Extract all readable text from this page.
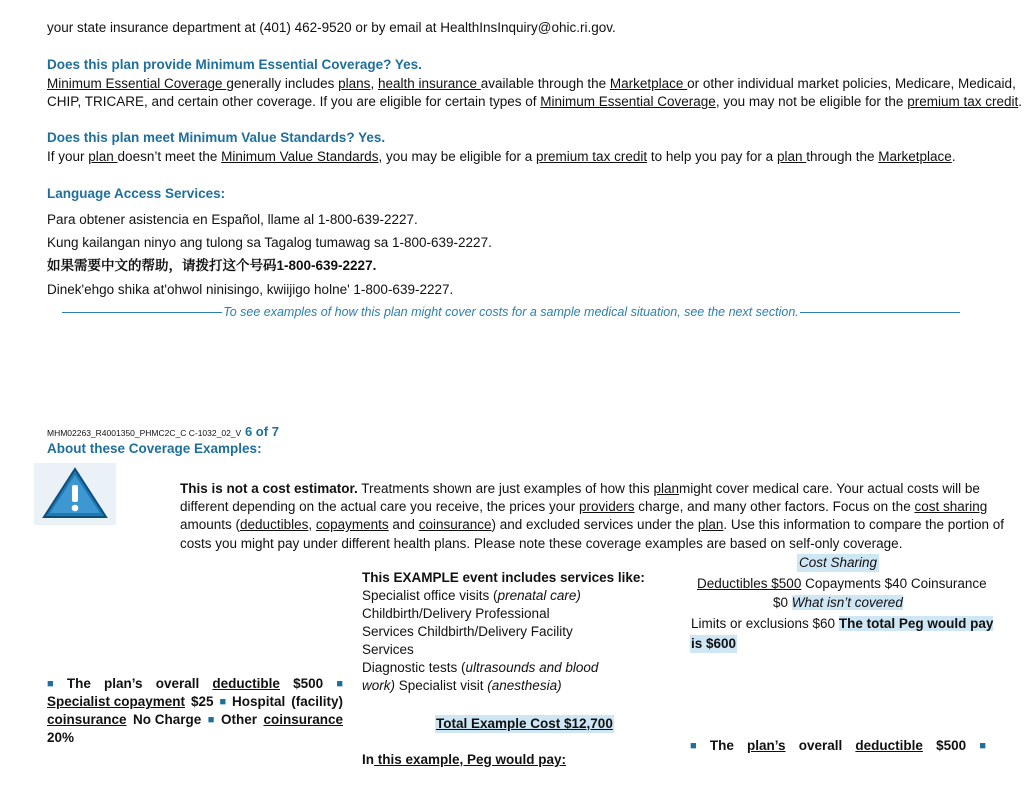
your state insurance department at (401) 462-9520 or by email at HealthInsInquiry@ohic.ri.gov.
Does this plan provide Minimum Essential Coverage? Yes.
Minimum Essential Coverage generally includes plans, health insurance available through the Marketplace or other individual market policies, Medicare, Medicaid,
CHIP, TRICARE, and certain other coverage. If you are eligible for certain types of Minimum Essential Coverage, you may not be eligible for the premium tax credit.
Does this plan meet Minimum Value Standards? Yes.
If your plan doesn’t meet the Minimum Value Standards, you may be eligible for a premium tax credit to help you pay for a plan through the Marketplace.
Language Access Services:
Para obtener asistencia en Español, llame al 1-800-639-2227.
Kung kailangan ninyo ang tulong sa Tagalog tumawag sa 1-800-639-2227.
如果需要中文的帮助，请拨打这个号码1-800-639-2227.
Dinek'ehgo shika at'ohwol ninisingo, kwiijigo holne' 1-800-639-2227.
To see examples of how this plan might cover costs for a sample medical situation, see the next section.
MHM02263_R4001350_PHMC2C_C C-1032_02_V 6 of 7
About these Coverage Examples:
This is not a cost estimator. Treatments shown are just examples of how this planmight cover medical care. Your actual costs will be
different depending on the actual care you receive, the prices your providers charge, and many other factors. Focus on the cost sharing
amounts (deductibles, copayments and coinsurance) and excluded services under the plan. Use this information to compare the portion of
costs you might pay under different health plans. Please note these coverage examples are based on self-only coverage.
■ The plan’s overall deductible $500 ■
Specialist copayment $25 ■ Hospital (facility)
coinsurance No Charge ■ Other coinsurance
20%
This EXAMPLE event includes services like:
Specialist office visits (prenatal care)
Childbirth/Delivery Professional
Services Childbirth/Delivery Facility
Services
Diagnostic tests (ultrasounds and blood
work) Specialist visit (anesthesia)
Total Example Cost $12,700
In this example, Peg would pay:
Cost Sharing
Deductibles $500 Copayments $40 Coinsurance
$0 What isn’t covered
Limits or exclusions $60 The total Peg would pay
is $600
■ The plan’s overall deductible $500 ■
